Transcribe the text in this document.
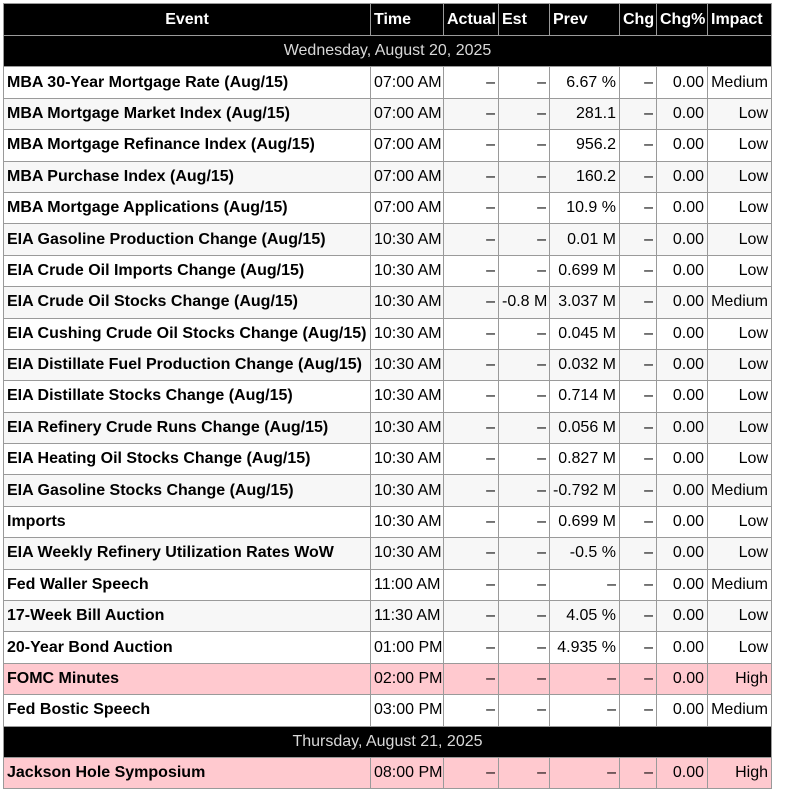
Event	Time	Actual	Est	Prev	Chg	Chg%	Impact
Wednesday, August 20, 2025							
MBA 30-Year Mortgage Rate (Aug/15)	07:00 AM	–	–	6.67 %	–	0.00	Medium
MBA Mortgage Market Index (Aug/15)	07:00 AM	–	–	281.1	–	0.00	Low
MBA Mortgage Refinance Index (Aug/15)	07:00 AM	–	–	956.2	–	0.00	Low
MBA Purchase Index (Aug/15)	07:00 AM	–	–	160.2	–	0.00	Low
MBA Mortgage Applications (Aug/15)	07:00 AM	–	–	10.9 %	–	0.00	Low
EIA Gasoline Production Change (Aug/15)	10:30 AM	–	–	0.01 M	–	0.00	Low
EIA Crude Oil Imports Change (Aug/15)	10:30 AM	–	–	0.699 M	–	0.00	Low
EIA Crude Oil Stocks Change (Aug/15)	10:30 AM	–	-0.8 M	3.037 M	–	0.00	Medium
EIA Cushing Crude Oil Stocks Change (Aug/15)	10:30 AM	–	–	0.045 M	–	0.00	Low
EIA Distillate Fuel Production Change (Aug/15)	10:30 AM	–	–	0.032 M	–	0.00	Low
EIA Distillate Stocks Change (Aug/15)	10:30 AM	–	–	0.714 M	–	0.00	Low
EIA Refinery Crude Runs Change (Aug/15)	10:30 AM	–	–	0.056 M	–	0.00	Low
EIA Heating Oil Stocks Change (Aug/15)	10:30 AM	–	–	0.827 M	–	0.00	Low
EIA Gasoline Stocks Change (Aug/15)	10:30 AM	–	–	-0.792 M	–	0.00	Medium
Imports	10:30 AM	–	–	0.699 M	–	0.00	Low
EIA Weekly Refinery Utilization Rates WoW	10:30 AM	–	–	-0.5 %	–	0.00	Low
Fed Waller Speech	11:00 AM	–	–	–	–	0.00	Medium
17-Week Bill Auction	11:30 AM	–	–	4.05 %	–	0.00	Low
20-Year Bond Auction	01:00 PM	–	–	4.935 %	–	0.00	Low
FOMC Minutes	02:00 PM	–	–	–	–	0.00	High
Fed Bostic Speech	03:00 PM	–	–	–	–	0.00	Medium
Thursday, August 21, 2025							
Jackson Hole Symposium	08:00 PM	–	–	–	–	0.00	High
